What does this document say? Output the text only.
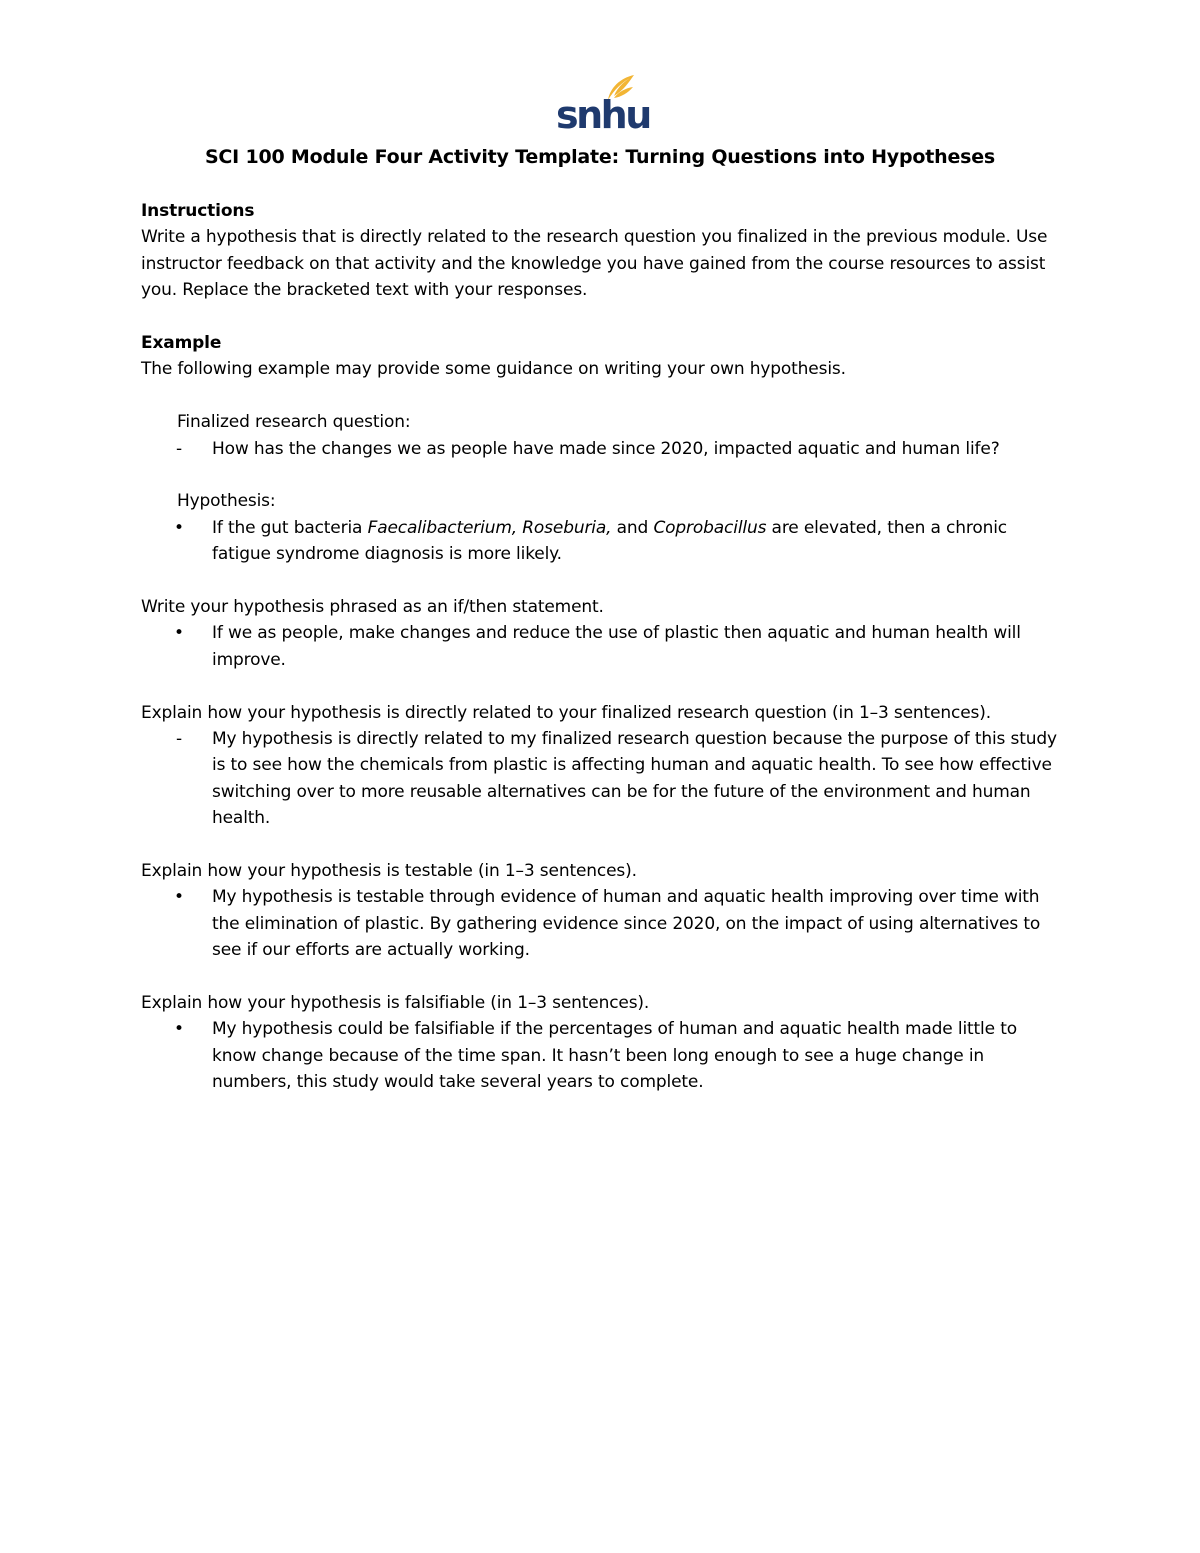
snhu
SCI 100 Module Four Activity Template: Turning Questions into Hypotheses

Instructions

Write a hypothesis that is directly related to the research question you finalized in the previous module. Use instructor feedback on that activity and the knowledge you have gained from the course resources to assist you. Replace the bracketed text with your responses.

Example

The following example may provide some guidance on writing your own hypothesis.

Finalized research question:

- How has the changes we as people have made since 2020, impacted aquatic and human life?

Hypothesis:

• If the gut bacteria Faecalibacterium, Roseburia, and Coprobacillus are elevated, then a chronic fatigue syndrome diagnosis is more likely.

Write your hypothesis phrased as an if/then statement.

• If we as people, make changes and reduce the use of plastic then aquatic and human health will improve.

Explain how your hypothesis is directly related to your finalized research question (in 1–3 sentences).

- My hypothesis is directly related to my finalized research question because the purpose of this study is to see how the chemicals from plastic is affecting human and aquatic health. To see how effective switching over to more reusable alternatives can be for the future of the environment and human health.

Explain how your hypothesis is testable (in 1–3 sentences).

• My hypothesis is testable through evidence of human and aquatic health improving over time with the elimination of plastic. By gathering evidence since 2020, on the impact of using alternatives to see if our efforts are actually working.

Explain how your hypothesis is falsifiable (in 1–3 sentences).

• My hypothesis could be falsifiable if the percentages of human and aquatic health made little to know change because of the time span. It hasn’t been long enough to see a huge change in numbers, this study would take several years to complete.
